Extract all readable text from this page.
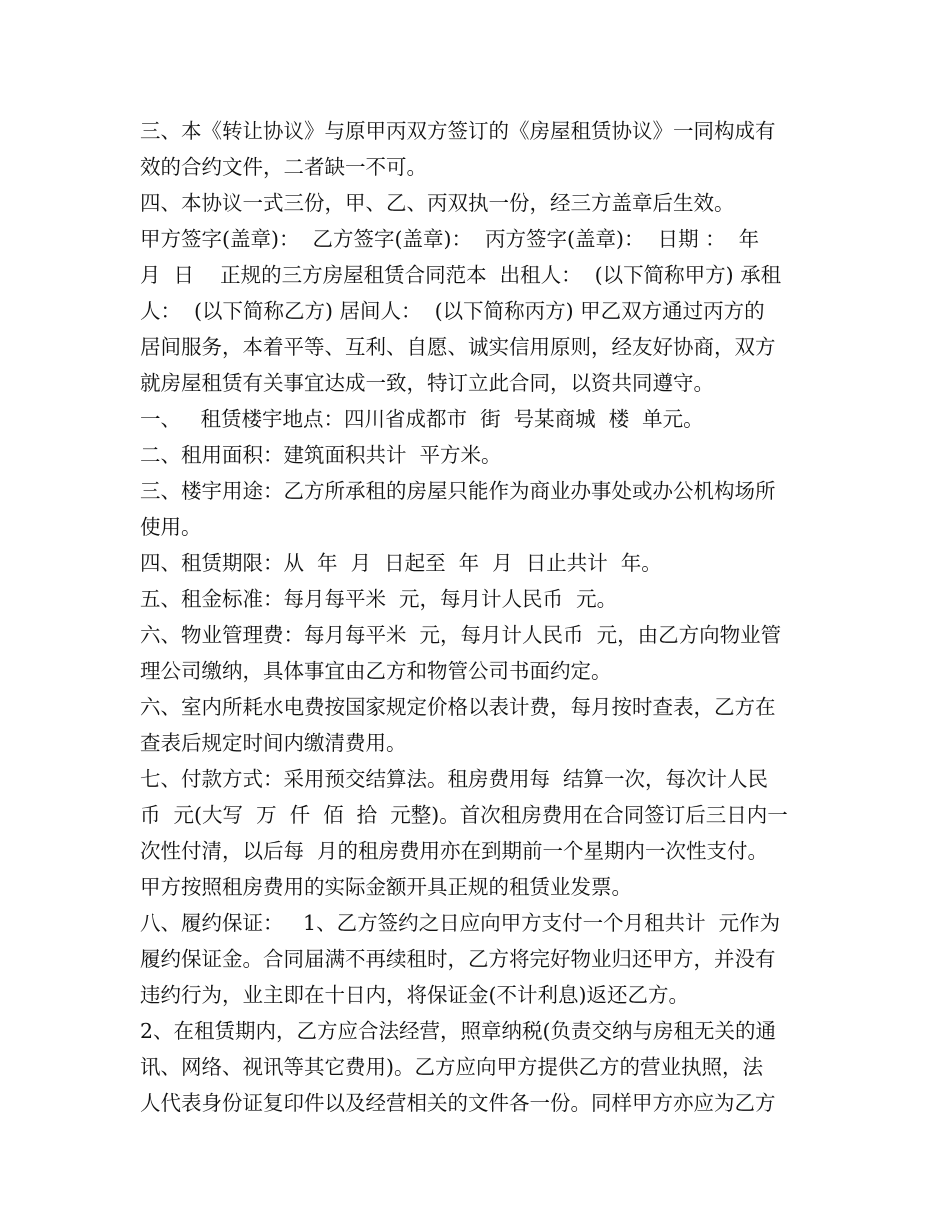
三、本《转让协议》与原甲丙双方签订的《房屋租赁协议》一同构成有
效的合约文件，二者缺一不可。
四、本协议一式三份，甲、乙、丙双执一份，经三方盖章后生效。
甲方签字(盖章)：  乙方签字(盖章)：  丙方签字(盖章)：  日期 ：  年
月  日    正规的三方房屋租赁合同范本  出租人：  (以下简称甲方) 承租
人：  (以下简称乙方) 居间人：  (以下简称丙方) 甲乙双方通过丙方的
居间服务，本着平等、互利、自愿、诚实信用原则，经友好协商，双方
就房屋租赁有关事宜达成一致，特订立此合同，以资共同遵守。
一、   租赁楼宇地点：四川省成都市  街  号某商城  楼  单元。
二、租用面积：建筑面积共计  平方米。
三、楼宇用途：乙方所承租的房屋只能作为商业办事处或办公机构场所
使用。
四、租赁期限：从  年  月  日起至  年  月  日止共计  年。
五、租金标准：每月每平米  元，每月计人民币  元。
六、物业管理费：每月每平米  元，每月计人民币  元，由乙方向物业管
理公司缴纳，具体事宜由乙方和物管公司书面约定。
六、室内所耗水电费按国家规定价格以表计费，每月按时查表，乙方在
查表后规定时间内缴清费用。
七、付款方式：采用预交结算法。租房费用每  结算一次，每次计人民
币  元(大写  万  仟  佰  拾  元整)。首次租房费用在合同签订后三日内一
次性付清，以后每  月的租房费用亦在到期前一个星期内一次性支付。
甲方按照租房费用的实际金额开具正规的租赁业发票。
八、履约保证：   1、乙方签约之日应向甲方支付一个月租共计  元作为
履约保证金。合同届满不再续租时，乙方将完好物业归还甲方，并没有
违约行为，业主即在十日内，将保证金(不计利息)返还乙方。
2、在租赁期内，乙方应合法经营，照章纳税(负责交纳与房租无关的通
讯、网络、视讯等其它费用)。乙方应向甲方提供乙方的营业执照，法
人代表身份证复印件以及经营相关的文件各一份。同样甲方亦应为乙方
